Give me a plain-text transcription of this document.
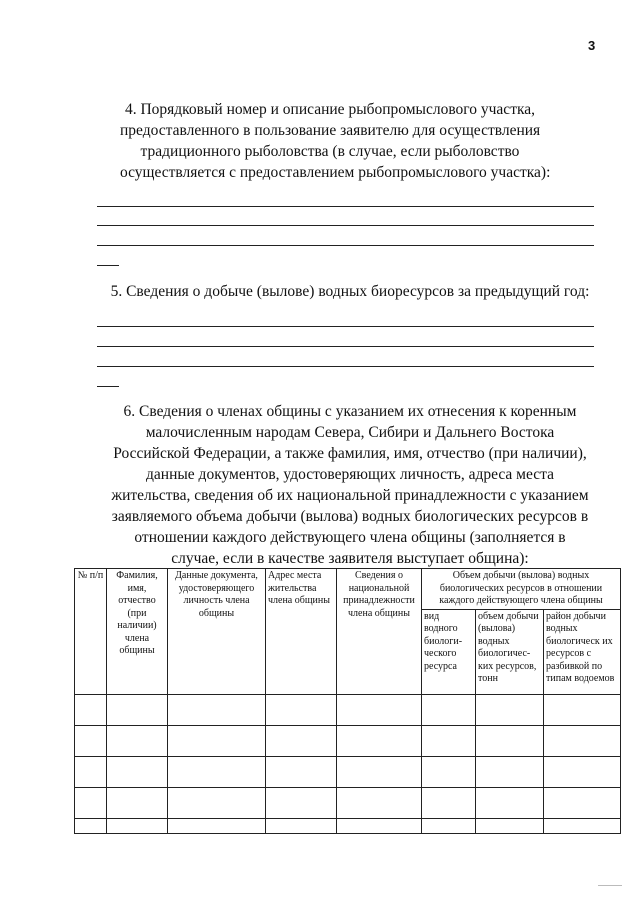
3
4. Порядковый номер и описание рыбопромыслового участка,
предоставленного в пользование заявителю для осуществления
традиционного рыболовства (в случае, если рыболовство
осуществляется с предоставлением рыбопромыслового участка):
5. Сведения о добыче (вылове) водных биоресурсов за предыдущий год:
6. Сведения о членах общины с указанием их отнесения к коренным
малочисленным народам Севера, Сибири и Дальнего Востока
Российской Федерации, а также фамилия, имя, отчество (при наличии),
данные документов, удостоверяющих личность, адреса места
жительства, сведения об их национальной принадлежности с указанием
заявляемого объема добычи (вылова) водных биологических ресурсов в
отношении каждого действующего члена общины (заполняется в
случае, если в качестве заявителя выступает община):
№ п/п	Фамилия, имя, отчество (при наличии) члена общины	Данные документа, удостоверяющего личность члена общины	Адрес места жительства члена общины	Сведения о национальной принадлежности члена общины	Объем добычи (вылова) водных биологических ресурсов в отношении каждого действующего члена общины		
					вид водного биологи- ческого ресурса	объем добычи (вылова) водных биологичес- ких ресурсов, тонн	район добычи водных биологическ их ресурсов с разбивкой по типам водоемов
